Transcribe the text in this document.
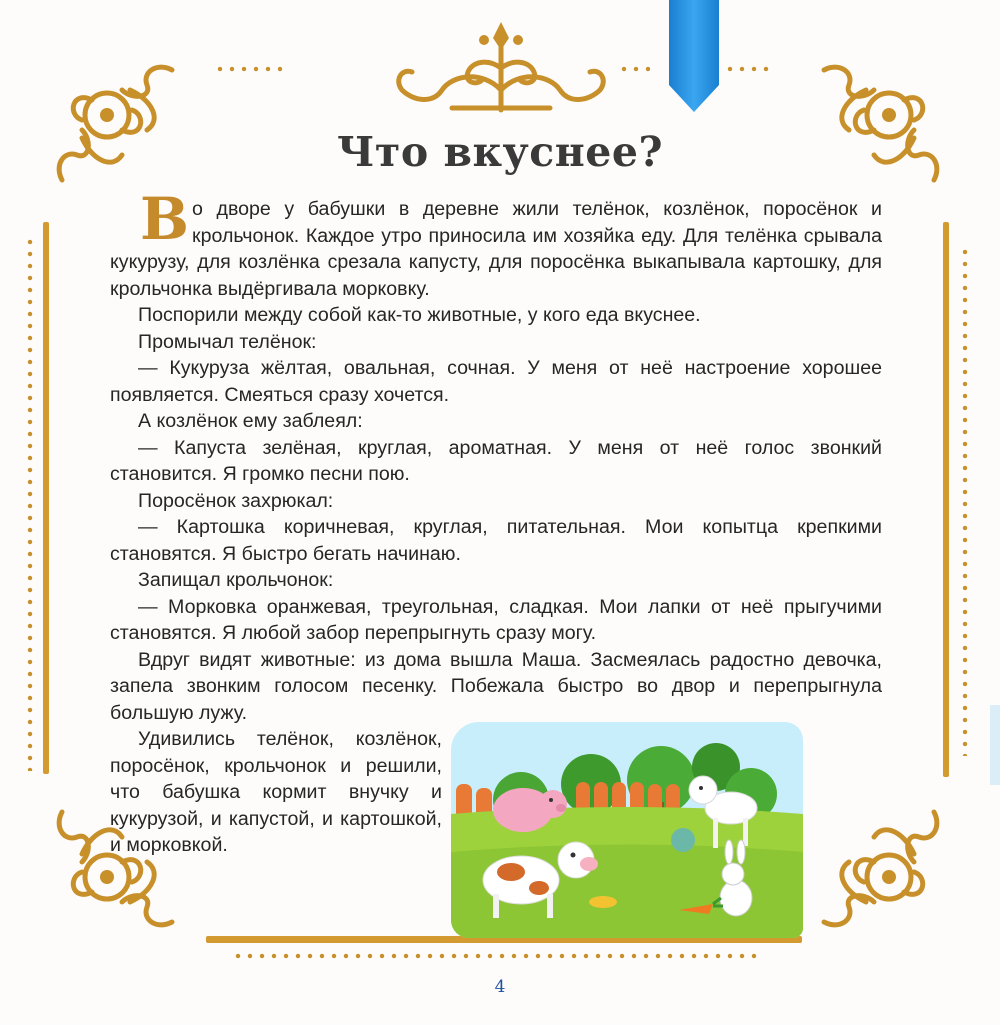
Что вкуснее?

Во дворе у бабушки в деревне жили телёнок, козлёнок, поросёнок и крольчонок. Каждое утро приносила им хозяйка еду. Для телёнка срывала кукурузу, для козлёнка срезала капусту, для поросёнка выкапывала картошку, для крольчонка выдёргивала морковку.

Поспорили между собой как-то животные, у кого еда вкуснее.

Промычал телёнок:

— Кукуруза жёлтая, овальная, сочная. У меня от неё настроение хорошее появляется. Смеяться сразу хочется.

А козлёнок ему заблеял:

— Капуста зелёная, круглая, ароматная. У меня от неё голос звонкий становится. Я громко песни пою.

Поросёнок захрюкал:

— Картошка коричневая, круглая, питательная. Мои копытца крепкими становятся. Я быстро бегать начинаю.

Запищал крольчонок:

— Морковка оранжевая, треугольная, сладкая. Мои лапки от неё прыгучими становятся. Я любой забор перепрыгнуть сразу могу.

Вдруг видят животные: из дома вышла Маша. Засмеялась радостно девочка, запела звонким голосом песенку. Побежала быстро во двор и перепрыгнула большую лужу.

Удивились телёнок, козлёнок, поросёнок, крольчонок и решили, что бабушка кормит внучку и кукурузой, и капустой, и картошкой, и морковкой.

4
